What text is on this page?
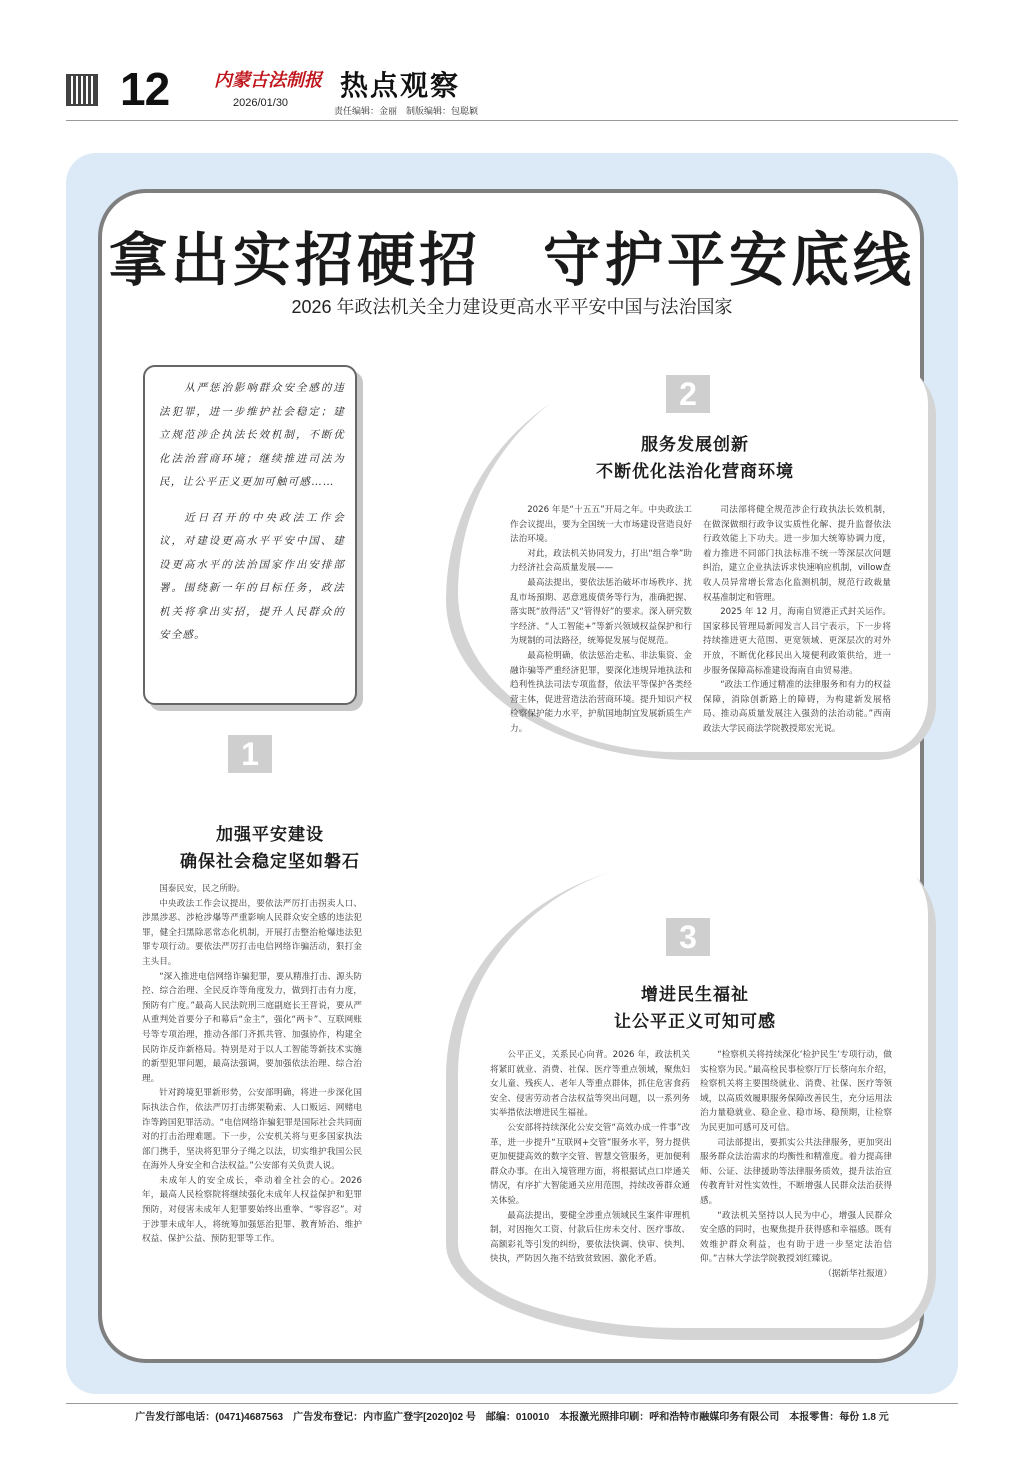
12 内蒙古法制报
2026/01/30
热点观察
责任编辑：金丽　制版编辑：包聪颖
拿出实招硬招　守护平安底线
2026 年政法机关全力建设更高水平平安中国与法治国家

从严惩治影响群众安全感的违法犯罪，进一步维护社会稳定；建立规范涉企执法长效机制，不断优化法治营商环境；继续推进司法为民，让公平正义更加可触可感……

近日召开的中央政法工作会议，对建设更高水平平安中国、建设更高水平的法治国家作出安排部署。围绕新一年的目标任务，政法机关将拿出实招，提升人民群众的安全感。

2
服务发展创新
不断优化法治化营商环境

2026 年是“十五五”开局之年。中央政法工作会议提出，要为全国统一大市场建设营造良好法治环境。

对此，政法机关协同发力，打出“组合拳”助力经济社会高质量发展——

最高法提出，要依法惩治破坏市场秩序、扰乱市场預期、恶意逃废债务等行为，准确把握、落实既“放得活”又“管得好”的要求。深入研究数字经济、“人工智能+”等新兴领域权益保护和行为规制的司法路径，统筹促发展与促规范。

最高检明确，依法惩治走私、非法集资、金融诈骗等严重经济犯罪，要深化违规异地执法和趋利性执法司法专项监督，依法平等保护各类经营主体，促进营造法治营商环境。提升知识产权检察保护能力水平，护航国地制宜发展新质生产力。

司法部将健全规范涉企行政执法长效机制，在做深做细行政争议实质性化解、提升监督依法行政效能上下功夫。进一步加大统筹协调力度，着力推进不同部门执法标准不统一等深层次问题纠治，建立企业执法诉求快速响应机制，villow查收人员异常增长常态化监测机制，规范行政裁量权基准制定和管理。

2025 年 12 月，海南自贸港正式封关运作。国家移民管理局新闻发言人吕宁表示，下一步将持续推进更大范围、更宽领域、更深层次的对外开放，不断优化移民出入境便利政策供给，进一步服务保障高标准建设海南自由贸易港。

“政法工作通过精准的法律服务和有力的权益保障，消除创新路上的障碍，为构建新发展格局、推动高质量发展注入强劲的法治动能。”西南政法大学民商法学院教授郑宏光说。

1
加强平安建设
确保社会稳定坚如磐石

国泰民安，民之所盼。

中央政法工作会议提出，要依法严厉打击拐卖人口、涉黑涉恶、涉枪涉爆等严重影响人民群众安全感的违法犯罪，健全扫黑除恶常态化机制，开展打击整治枪爆违法犯罪专项行动。要依法严厉打击电信网络诈骗活动，狠打金主头目。

“深入推进电信网络诈骗犯罪，要从精准打击、源头防控、综合治理、全民反诈等角度发力，做到打击有力度，预防有广度。”最高人民法院刑三庭副庭长王晋说，要从严从重判处首要分子和幕后“金主”，强化“两卡”、互联网账号等专项治理，推动各部门齐抓共管、加强协作，构建全民防诈反诈新格局。特别是对于以人工智能等新技术实施的新型犯罪问题，最高法强调，要加强依法治理、综合治理。

针对跨境犯罪新形势，公安部明确，将进一步深化国际执法合作，依法严厉打击绑架勒索、人口贩运、网赌电诈等跨国犯罪活动。“电信网络诈骗犯罪是国际社会共同面对的打击治理难题。下一步，公安机关将与更多国家执法部门携手，坚决将犯罪分子绳之以法，切实维护我国公民在海外人身安全和合法权益。”公安部有关负责人说。

未成年人的安全成长，牵动着全社会的心。2026 年，最高人民检察院将继续强化未成年人权益保护和犯罪预防，对侵害未成年人犯罪要始终出重拳、“零容忍”。对于涉罪未成年人，将统筹加强惩治犯罪、教育矫治、维护权益、保护公益、预防犯罪等工作。

3
增进民生福祉
让公平正义可知可感

公平正义，关系民心向背。2026 年，政法机关将紧盯就业、消费、社保、医疗等重点领域，聚焦妇女儿童、残疾人、老年人等重点群体，抓住危害食药安全、侵害劳动者合法权益等突出问题，以一系列务实举措依法增进民生福祉。

公安部将持续深化公安交管“高效办成一件事”改革，进一步提升“互联网+交管”服务水平，努力提供更加便捷高效的数字交管、智慧交管服务，更加便利群众办事。在出入境管理方面，将根据试点口岸通关情况，有序扩大智能通关应用范围，持续改善群众通关体验。

最高法提出，要健全涉重点领域民生案件审理机制，对因拖欠工资、付款后住房未交付、医疗事故、高额彩礼等引发的纠纷，要依法快调、快审、快判、快执，严防因久拖不结致贫致困、激化矛盾。

“检察机关将持续深化‘检护民生’专项行动，做实检察为民。”最高检民事检察厅厅长蔡向东介绍，检察机关将主要围绕就业、消费、社保、医疗等领域，以高质效履职服务保障改善民生，充分运用法治力量稳就业、稳企业、稳市场、稳预期，让检察为民更加可感可及可信。

司法部提出，要抓实公共法律服务，更加突出服务群众法治需求的均衡性和精准度。着力提高律师、公证、法律援助等法律服务质效，提升法治宣传教育针对性实效性，不断增强人民群众法治获得感。

“政法机关坚持以人民为中心，增强人民群众安全感的同时，也聚焦提升获得感和幸福感。既有效维护群众利益，也有助于进一步坚定法治信仰。”吉林大学法学院教授刘红臻说。

（据新华社报道）
广告发行部电话：(0471)4687563　广告发布登记：内市监广登字[2020]02 号　邮编：010010　本报激光照排印刷：呼和浩特市融媒印务有限公司　本报零售：每份 1.8 元
